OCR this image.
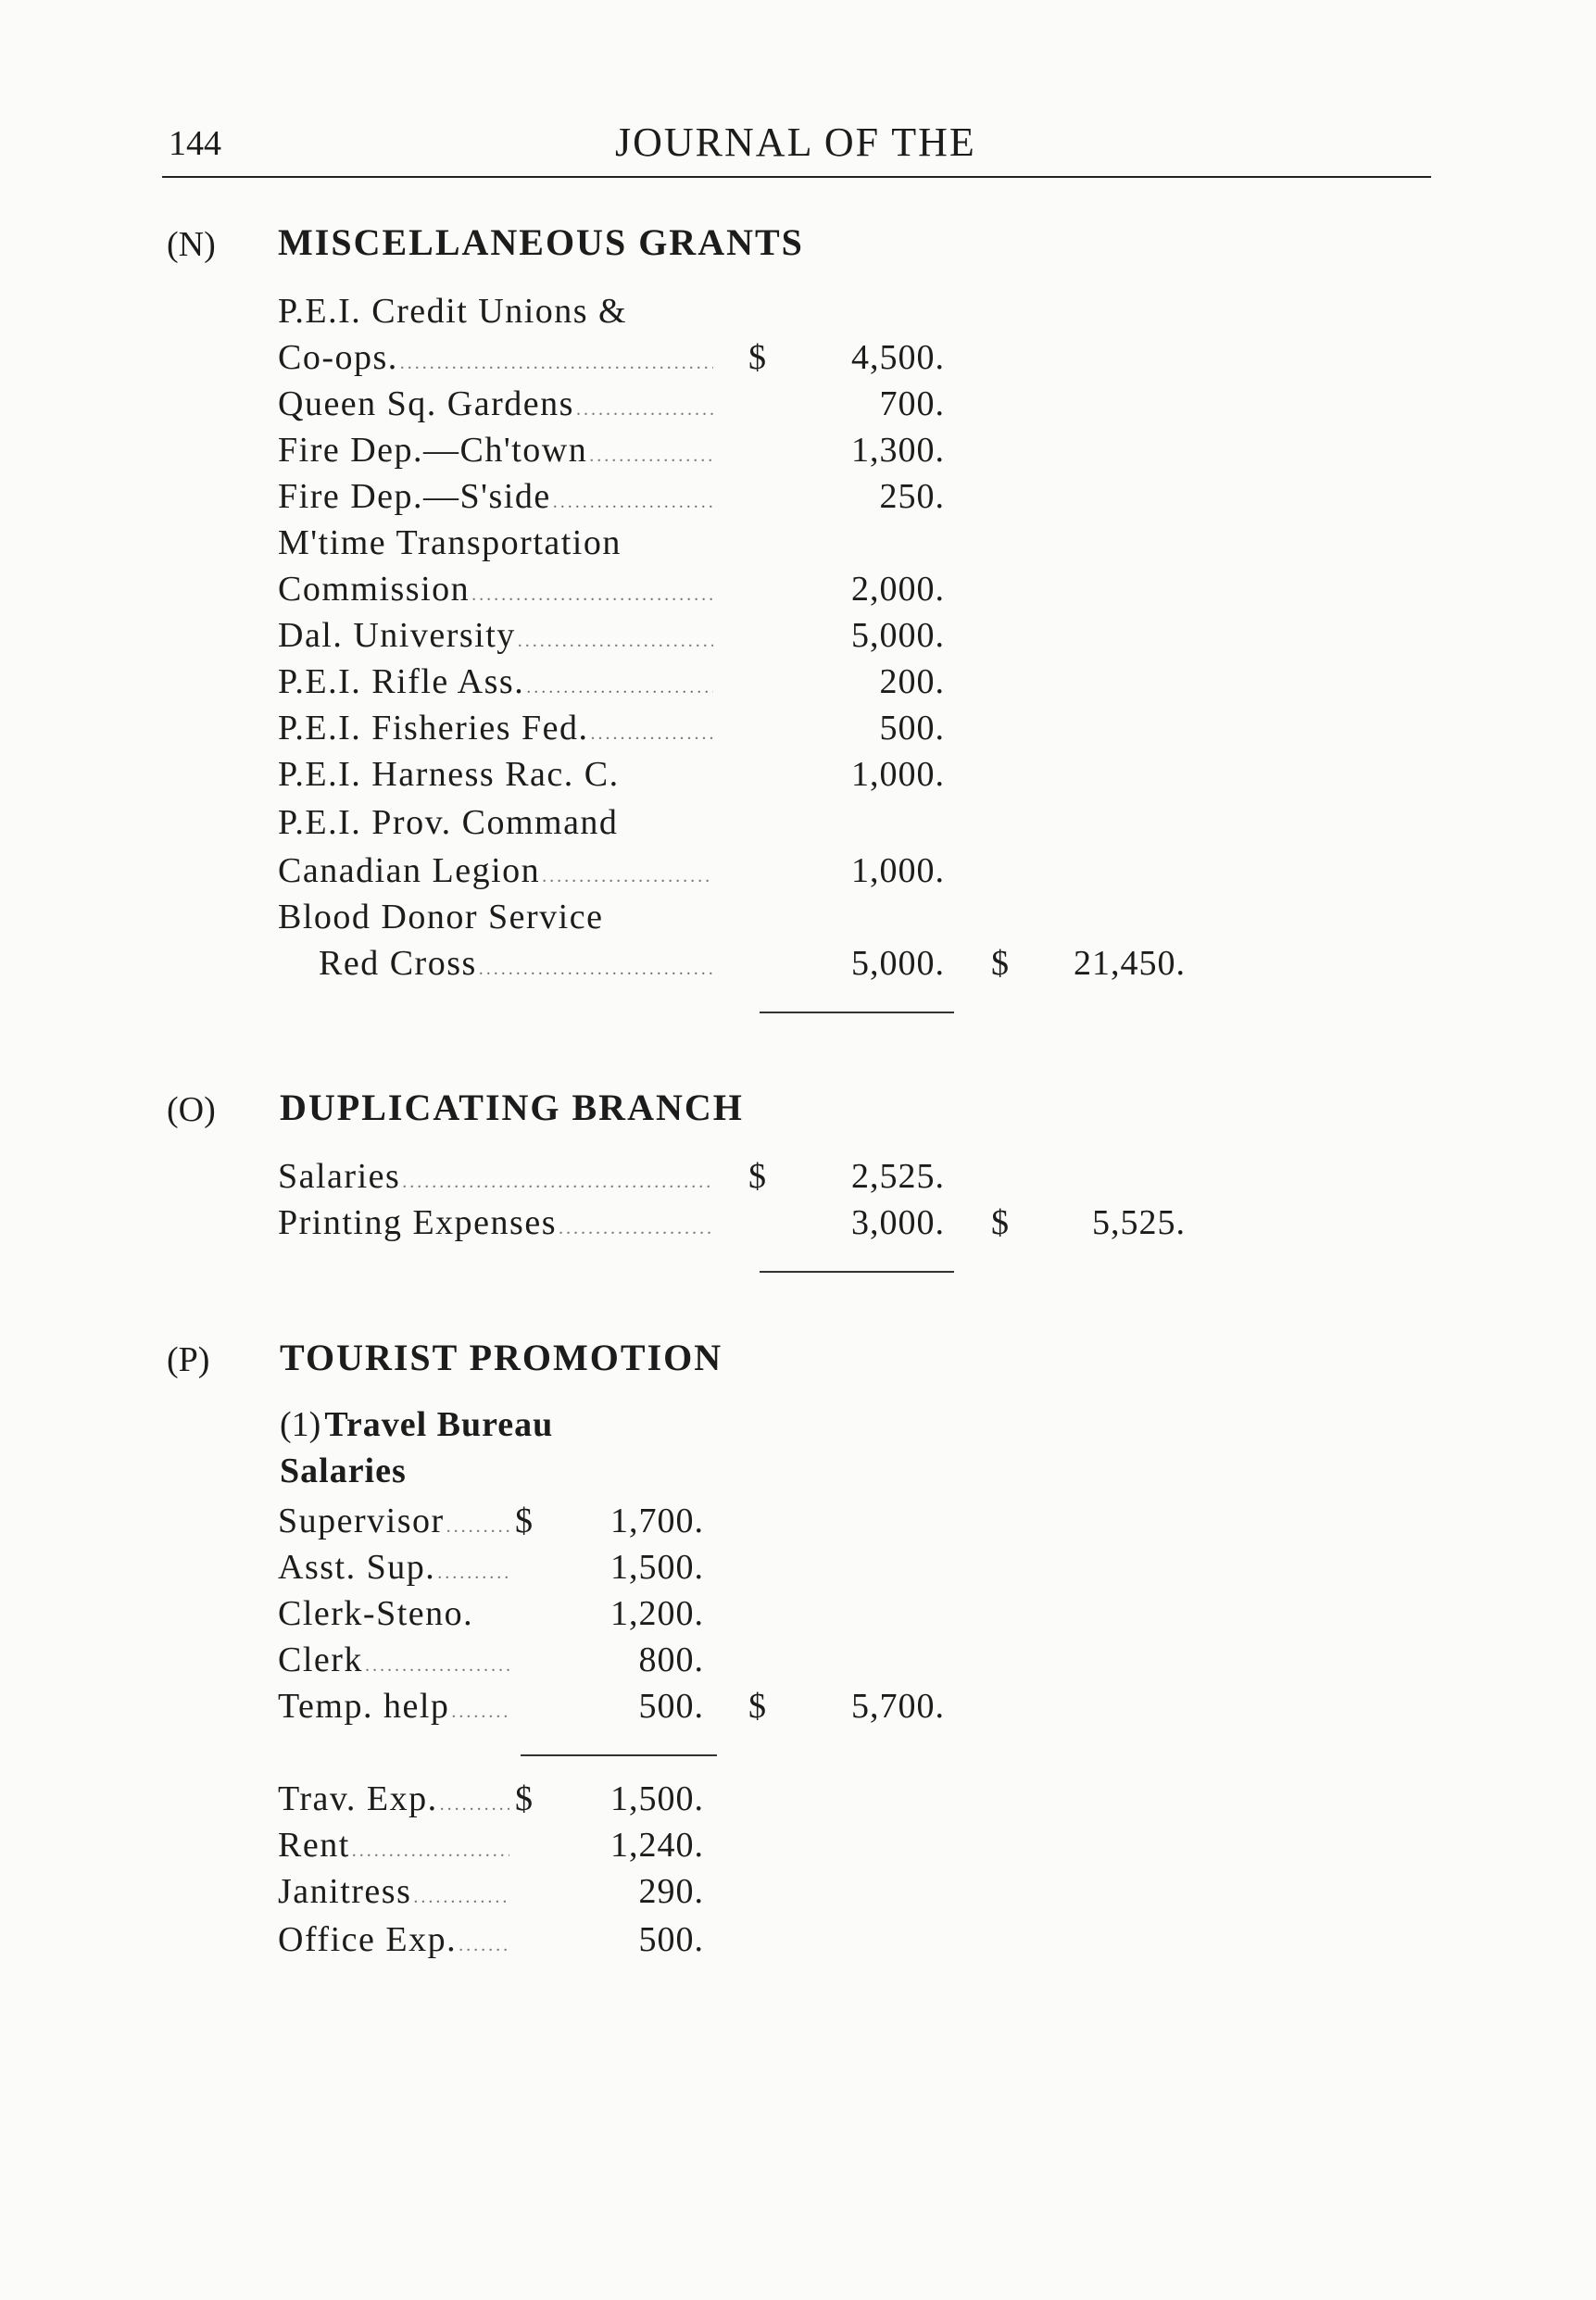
144	JOURNAL OF THE
(N) MISCELLANEOUS GRANTS
P.E.I. Credit Unions &
Co-ops. .....	$	4,500.
Queen Sq. Gardens .....	700.
Fire Dep.—Ch'town .....	1,300.
Fire Dep.—S'side .....	250.
M'time Transportation
Commission .....	2,000.
Dal. University .....	5,000.
P.E.I. Rifle Ass. .....	200.
P.E.I. Fisheries Fed. .....	500.
P.E.I. Harness Rac. C.	1,000.
P.E.I. Prov. Command
Canadian Legion .....	1,000.
Blood Donor Service
Red Cross .....	5,000. $	21,450.
(O) DUPLICATING BRANCH
Salaries .....	$	2,525.
Printing Expenses .....	3,000. $	5,525.
(P) TOURIST PROMOTION
(1) Travel Bureau
Salaries
Supervisor ..... $	1,700.
Asst. Sup. .....	1,500.
Clerk-Steno.	1,200.
Clerk .....	800.
Temp. help .....	500. $	5,700.
Trav. Exp. ..... $	1,500.
Rent .....	1,240.
Janitress .....	290.
Office Exp. .....	500.
